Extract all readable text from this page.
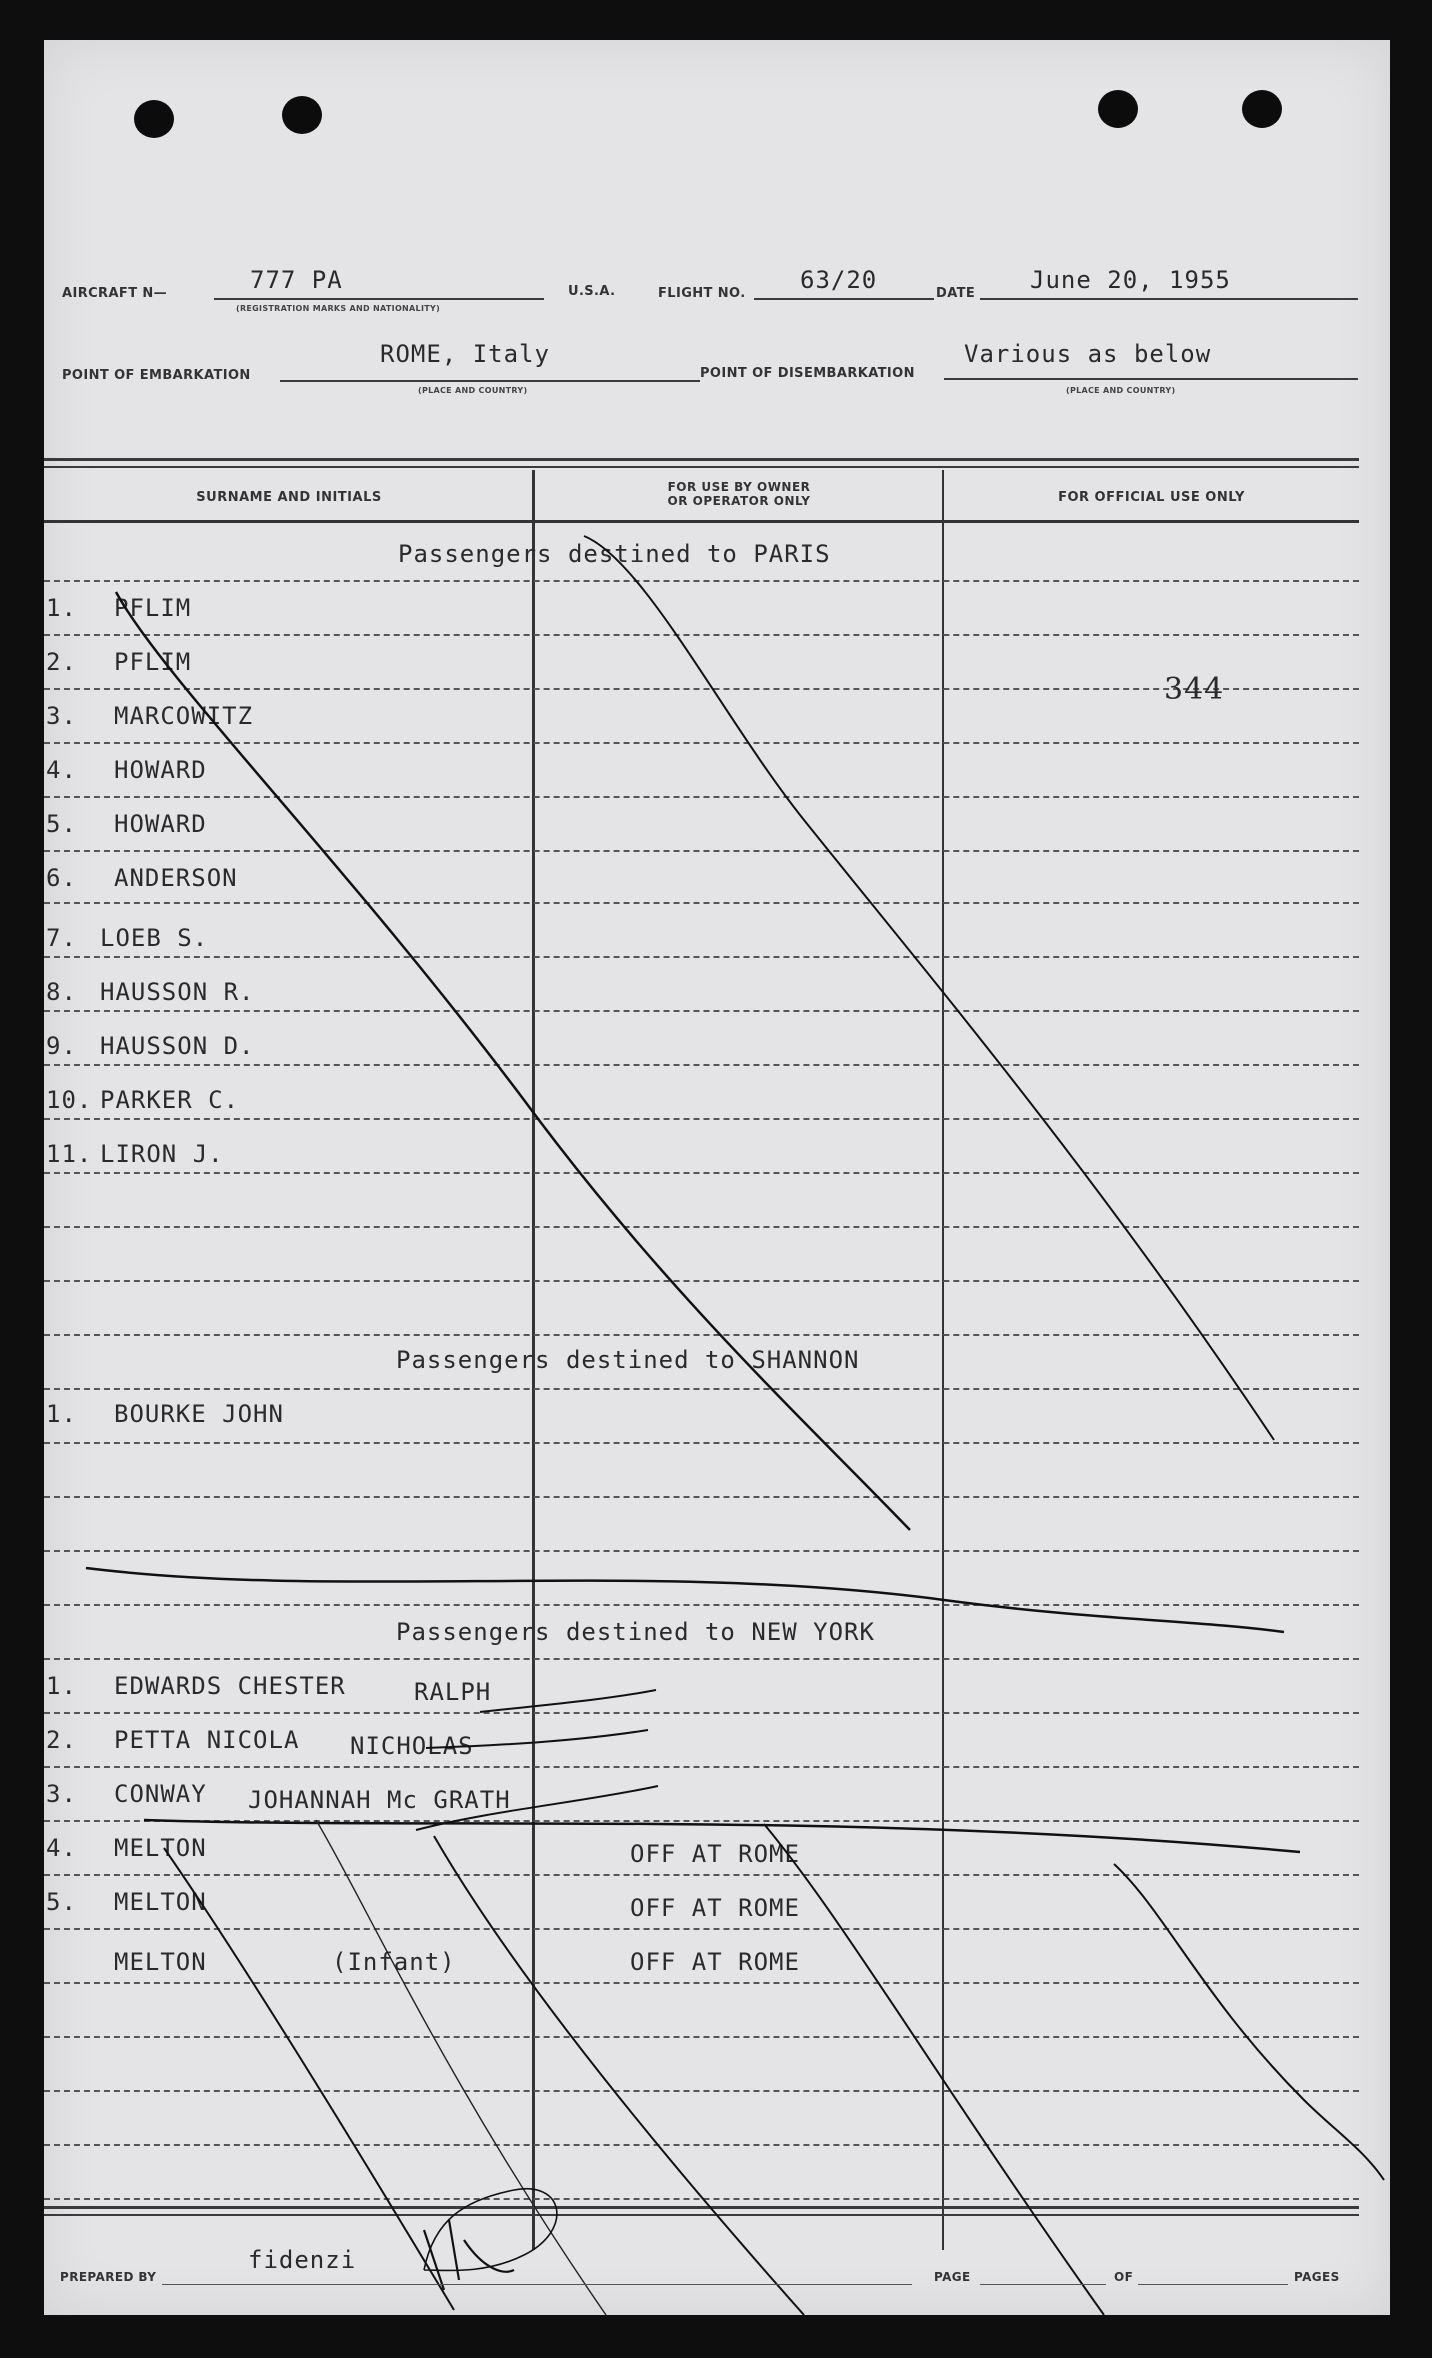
AIRCRAFT N—	777 PA
(REGISTRATION MARKS AND NATIONALITY)
U.S.A.	FLIGHT NO. 63/20	DATE June 20, 1955
POINT OF EMBARKATION
ROME, Italy
(PLACE AND COUNTRY)
POINT OF DISEMBARKATION
Various as below
(PLACE AND COUNTRY)
SURNAME AND INITIALS
FOR USE BY OWNER
OR OPERATOR ONLY	FOR OFFICIAL USE ONLY
Passengers destined to PARIS
1. PFLIM
2. PFLIM
3. MARCOWITZ
4. HOWARD
5. HOWARD
6. ANDERSON
7. LOEB S.
8. HAUSSON R.
9. HAUSSON D.
10. PARKER C.
11. LIRON J.
344
Passengers destined to SHANNON
1. BOURKE JOHN
Passengers destined to NEW YORK
1. EDWARDS CHESTER	RALPH
2. PETTA NICOLA NICHOLAS
3. CONWAY JOHANNAH Mc GRATH
4. MELTON	OFF AT ROME
5. MELTON	OFF AT ROME
MELTON	(Infant)	OFF AT ROME
PREPARED BY
fidenzi
PAGE	OF	PAGES
